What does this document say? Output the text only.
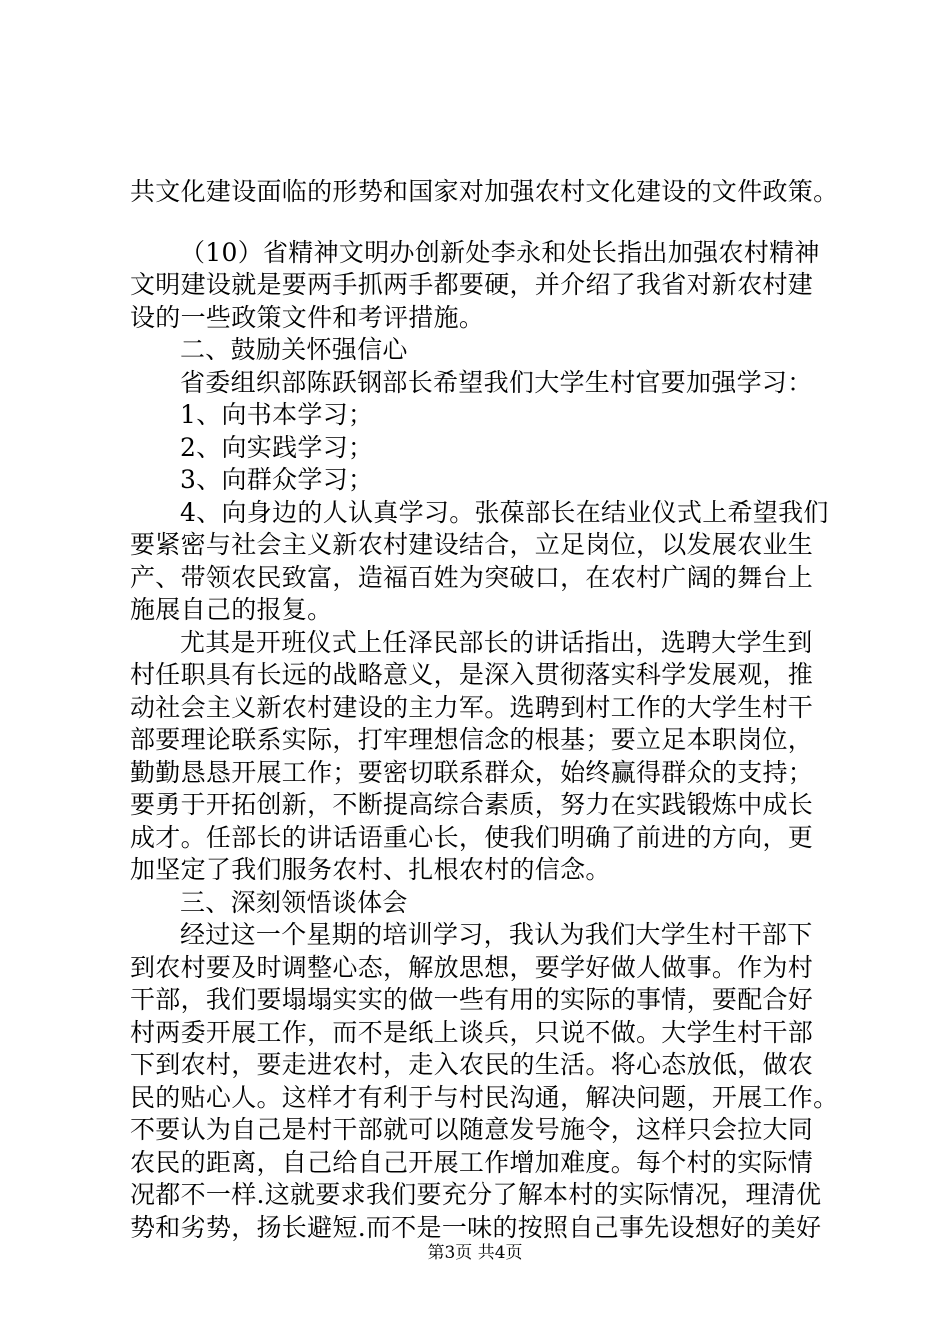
共文化建设面临的形势和国家对加强农村文化建设的文件政策。
（10）省精神文明办创新处李永和处长指出加强农村精神
文明建设就是要两手抓两手都要硬，并介绍了我省对新农村建
设的一些政策文件和考评措施。
二、鼓励关怀强信心
省委组织部陈跃钢部长希望我们大学生村官要加强学习：
1、向书本学习；
2、向实践学习；
3、向群众学习；
4、向身边的人认真学习。张葆部长在结业仪式上希望我们
要紧密与社会主义新农村建设结合，立足岗位，以发展农业生
产、带领农民致富，造福百姓为突破口，在农村广阔的舞台上
施展自己的报复。
尤其是开班仪式上任泽民部长的讲话指出，选聘大学生到
村任职具有长远的战略意义，是深入贯彻落实科学发展观，推
动社会主义新农村建设的主力军。选聘到村工作的大学生村干
部要理论联系实际，打牢理想信念的根基；要立足本职岗位，
勤勤恳恳开展工作；要密切联系群众，始终赢得群众的支持；
要勇于开拓创新，不断提高综合素质，努力在实践锻炼中成长
成才。任部长的讲话语重心长，使我们明确了前进的方向，更
加坚定了我们服务农村、扎根农村的信念。
三、深刻领悟谈体会
经过这一个星期的培训学习，我认为我们大学生村干部下
到农村要及时调整心态，解放思想，要学好做人做事。作为村
干部，我们要塌塌实实的做一些有用的实际的事情，要配合好
村两委开展工作，而不是纸上谈兵，只说不做。大学生村干部
下到农村，要走进农村，走入农民的生活。将心态放低，做农
民的贴心人。这样才有利于与村民沟通，解决问题，开展工作。
不要认为自己是村干部就可以随意发号施令，这样只会拉大同
农民的距离，自己给自己开展工作增加难度。每个村的实际情
况都不一样.这就要求我们要充分了解本村的实际情况，理清优
势和劣势，扬长避短.而不是一味的按照自己事先设想好的美好
第3页 共4页
